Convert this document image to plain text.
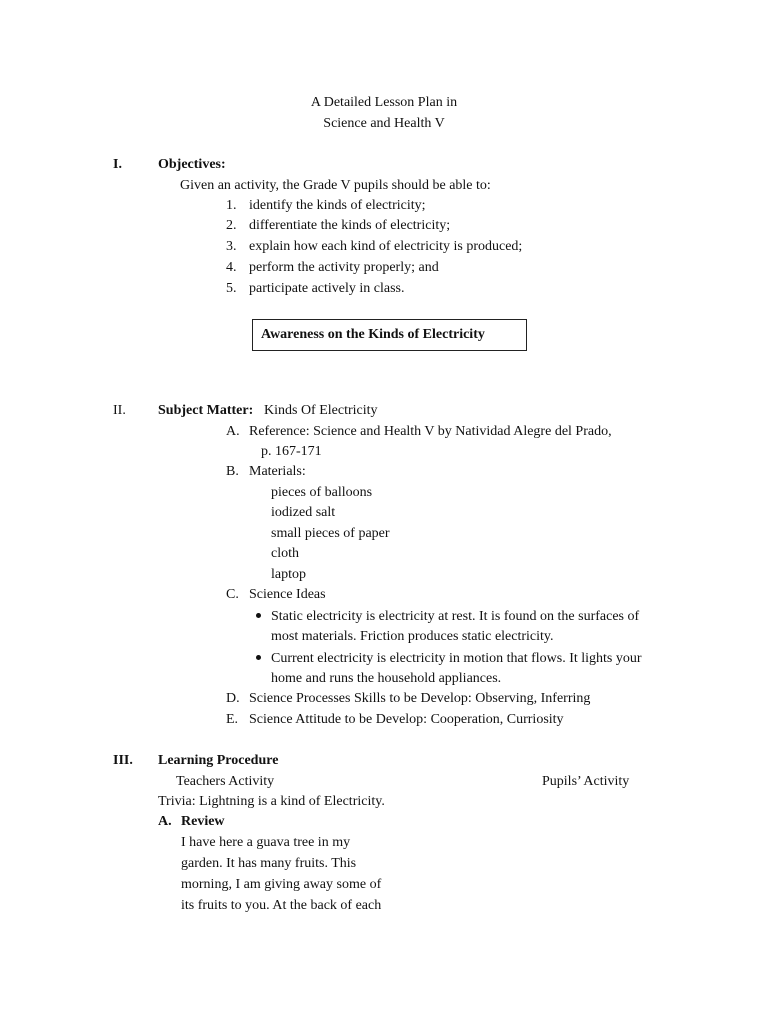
A Detailed Lesson Plan in
Science and Health V
I.	Objectives:
Given an activity, the Grade V pupils should be able to:
1. identify the kinds of electricity;
2. differentiate the kinds of electricity;
3. explain how each kind of electricity is produced;
4. perform the activity properly; and
5. participate actively in class.
Awareness on the Kinds of Electricity
II. Subject Matter: Kinds Of Electricity
A. Reference: Science and Health V by Natividad Alegre del Prado,
p. 167-171
B. Materials:
pieces of balloons
iodized salt
small pieces of paper
cloth
laptop
C. Science Ideas
Static electricity is electricity at rest. It is found on the surfaces of
most materials. Friction produces static electricity.
Current electricity is electricity in motion that flows. It lights your
home and runs the household appliances.
D. Science Processes Skills to be Develop: Observing, Inferring
E. Science Attitude to be Develop: Cooperation, Curriosity
III. Learning Procedure
Teachers Activity	Pupils’ Activity
Trivia: Lightning is a kind of Electricity.
A. Review
I have here a guava tree in my
garden. It has many fruits. This
morning, I am giving away some of
its fruits to you. At the back of each
